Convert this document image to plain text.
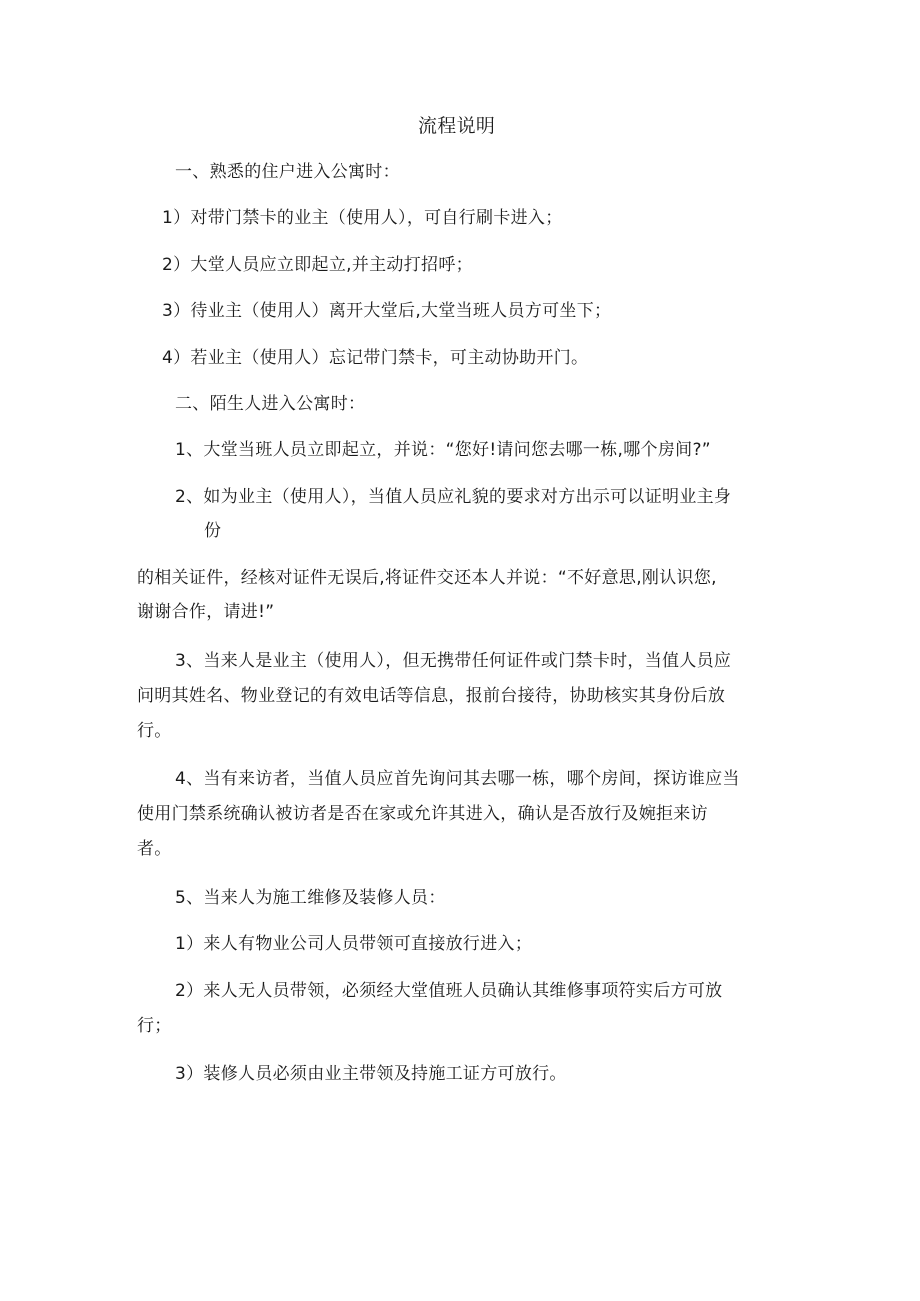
流程说明

一、熟悉的住户进入公寓时：

1）对带门禁卡的业主（使用人），可自行刷卡进入；

2）大堂人员应立即起立,并主动打招呼；

3）待业主（使用人）离开大堂后,大堂当班人员方可坐下；

4）若业主（使用人）忘记带门禁卡，可主动协助开门。

二、陌生人进入公寓时：

1、大堂当班人员立即起立，并说：“您好!请问您去哪一栋,哪个房间?”

2、如为业主（使用人），当值人员应礼貌的要求对方出示可以证明业主身

份

的相关证件，经核对证件无误后,将证件交还本人并说：“不好意思,刚认识您,

谢谢合作，请进!”

3、当来人是业主（使用人），但无携带任何证件或门禁卡时，当值人员应

问明其姓名、物业登记的有效电话等信息，报前台接待，协助核实其身份后放

行。

4、当有来访者，当值人员应首先询问其去哪一栋，哪个房间，探访谁应当

使用门禁系统确认被访者是否在家或允许其进入，确认是否放行及婉拒来访

者。

5、当来人为施工维修及装修人员：

1）来人有物业公司人员带领可直接放行进入；

2）来人无人员带领，必须经大堂值班人员确认其维修事项符实后方可放

行；

3）装修人员必须由业主带领及持施工证方可放行。
